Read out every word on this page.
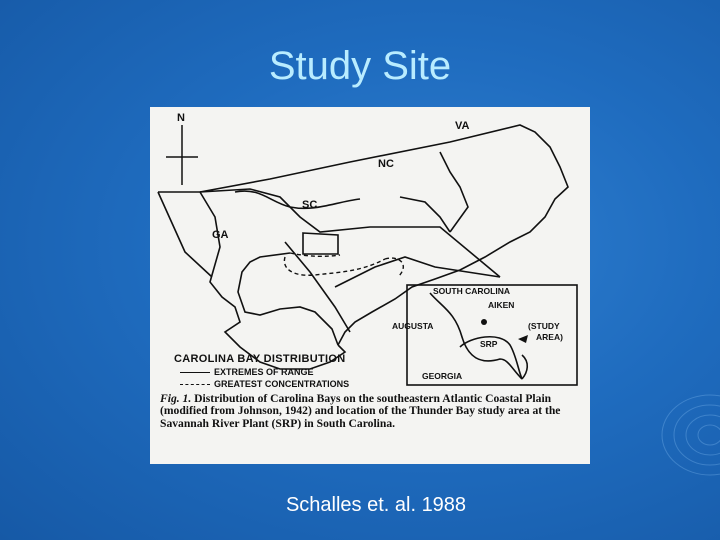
Study Site
N
VA
NC
SC
GA
SOUTH CAROLINA
AIKEN
AUGUSTA	(STUDY
AREA)
SRP
GEORGIA
CAROLINA BAY DISTRIBUTION
EXTREMES OF RANGE
GREATEST CONCENTRATIONS
Fig. 1. Distribution of Carolina Bays on the southeastern Atlantic Coastal Plain (modified from Johnson, 1942) and location of the Thunder Bay study area at the Savannah River Plant (SRP) in South Carolina.
Schalles et. al. 1988
